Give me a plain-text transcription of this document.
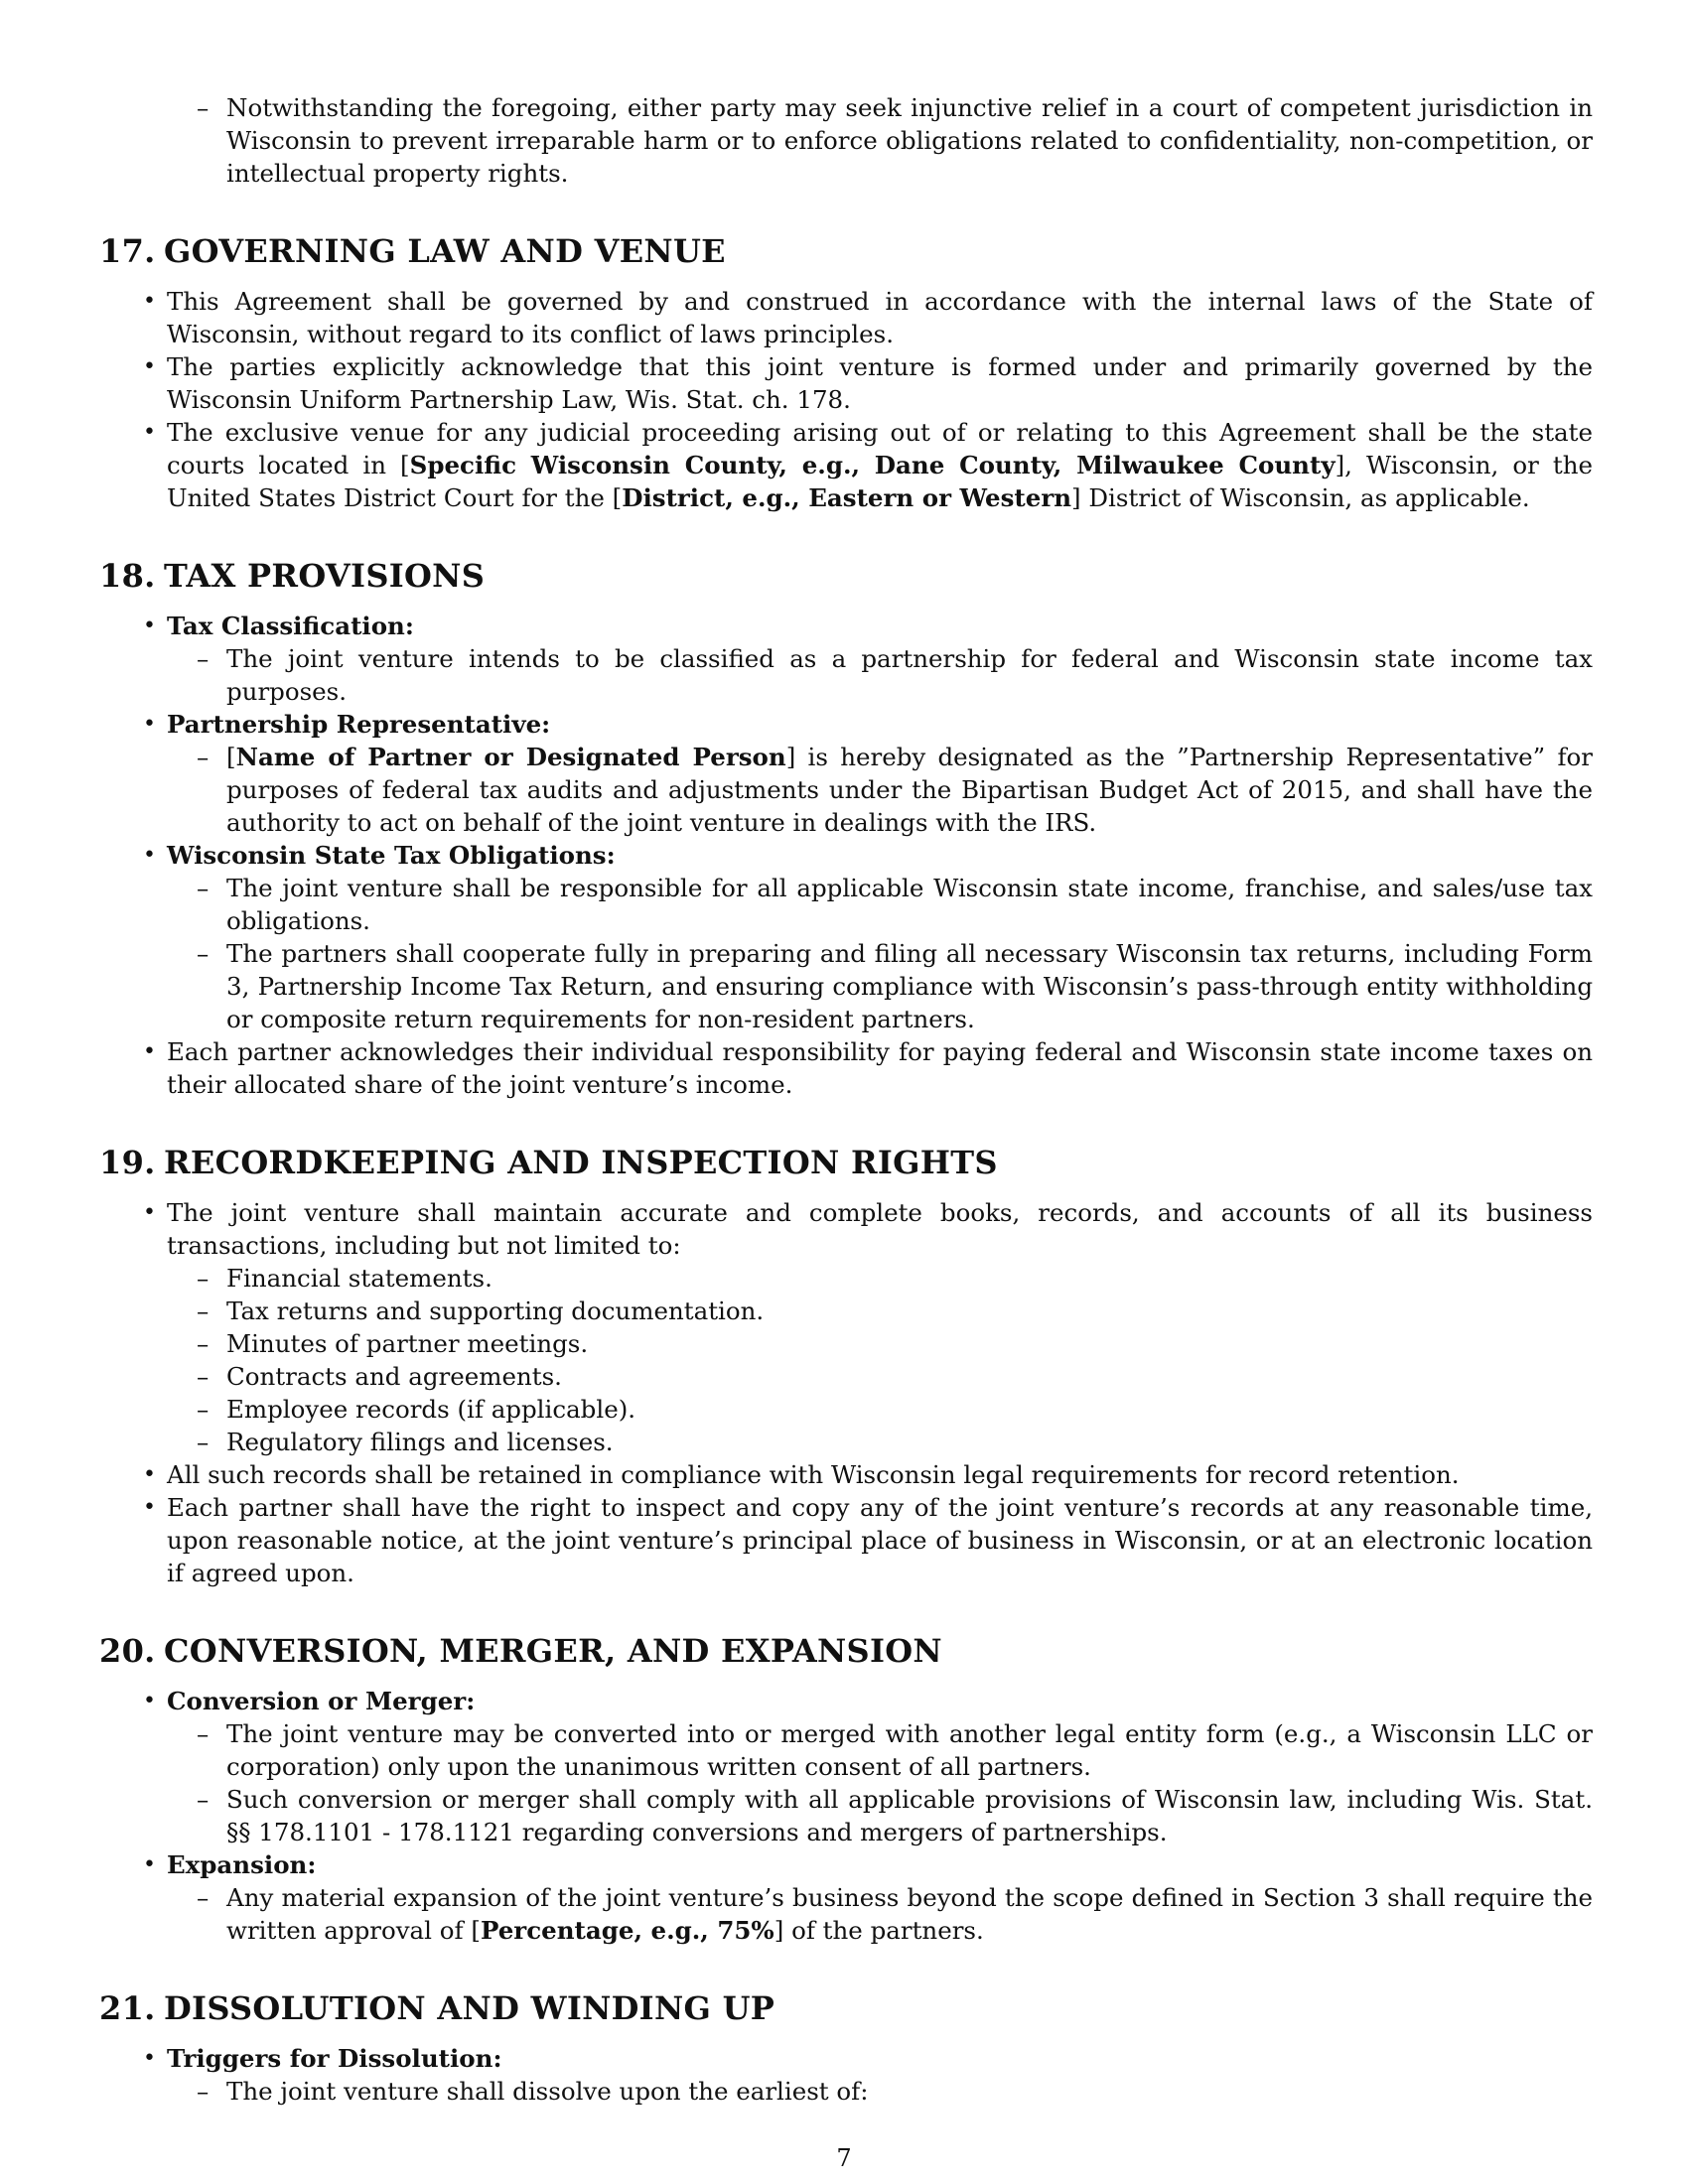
– Notwithstanding the foregoing, either party may seek injunctive relief in a court of competent jurisdiction in Wisconsin to prevent irreparable harm or to enforce obligations related to confidentiality, non-competition, or intellectual property rights.
17. GOVERNING LAW AND VENUE
• This Agreement shall be governed by and construed in accordance with the internal laws of the State of Wisconsin, without regard to its conflict of laws principles.
• The parties explicitly acknowledge that this joint venture is formed under and primarily governed by the Wisconsin Uniform Partnership Law, Wis. Stat. ch. 178.
• The exclusive venue for any judicial proceeding arising out of or relating to this Agreement shall be the state courts located in [Specific Wisconsin County, e.g., Dane County, Milwaukee County], Wisconsin, or the United States District Court for the [District, e.g., Eastern or Western] District of Wisconsin, as applicable.
18. TAX PROVISIONS
• Tax Classification:
– The joint venture intends to be classified as a partnership for federal and Wisconsin state income tax purposes.
• Partnership Representative:
– [Name of Partner or Designated Person] is hereby designated as the ”Partnership Representative” for purposes of federal tax audits and adjustments under the Bipartisan Budget Act of 2015, and shall have the authority to act on behalf of the joint venture in dealings with the IRS.
• Wisconsin State Tax Obligations:
– The joint venture shall be responsible for all applicable Wisconsin state income, franchise, and sales/use tax obligations.
– The partners shall cooperate fully in preparing and filing all necessary Wisconsin tax returns, including Form 3, Partnership Income Tax Return, and ensuring compliance with Wisconsin’s pass-through entity withholding or composite return requirements for non-resident partners.
• Each partner acknowledges their individual responsibility for paying federal and Wisconsin state income taxes on their allocated share of the joint venture’s income.
19. RECORDKEEPING AND INSPECTION RIGHTS
• The joint venture shall maintain accurate and complete books, records, and accounts of all its business transactions, including but not limited to:
– Financial statements.
– Tax returns and supporting documentation.
– Minutes of partner meetings.
– Contracts and agreements.
– Employee records (if applicable).
– Regulatory filings and licenses.
• All such records shall be retained in compliance with Wisconsin legal requirements for record retention.
• Each partner shall have the right to inspect and copy any of the joint venture’s records at any reasonable time, upon reasonable notice, at the joint venture’s principal place of business in Wisconsin, or at an electronic location if agreed upon.
20. CONVERSION, MERGER, AND EXPANSION
• Conversion or Merger:
– The joint venture may be converted into or merged with another legal entity form (e.g., a Wisconsin LLC or corporation) only upon the unanimous written consent of all partners.
– Such conversion or merger shall comply with all applicable provisions of Wisconsin law, including Wis. Stat. §§ 178.1101 - 178.1121 regarding conversions and mergers of partnerships.
• Expansion:
– Any material expansion of the joint venture’s business beyond the scope defined in Section 3 shall require the written approval of [Percentage, e.g., 75%] of the partners.
21. DISSOLUTION AND WINDING UP
• Triggers for Dissolution:
– The joint venture shall dissolve upon the earliest of:
7
